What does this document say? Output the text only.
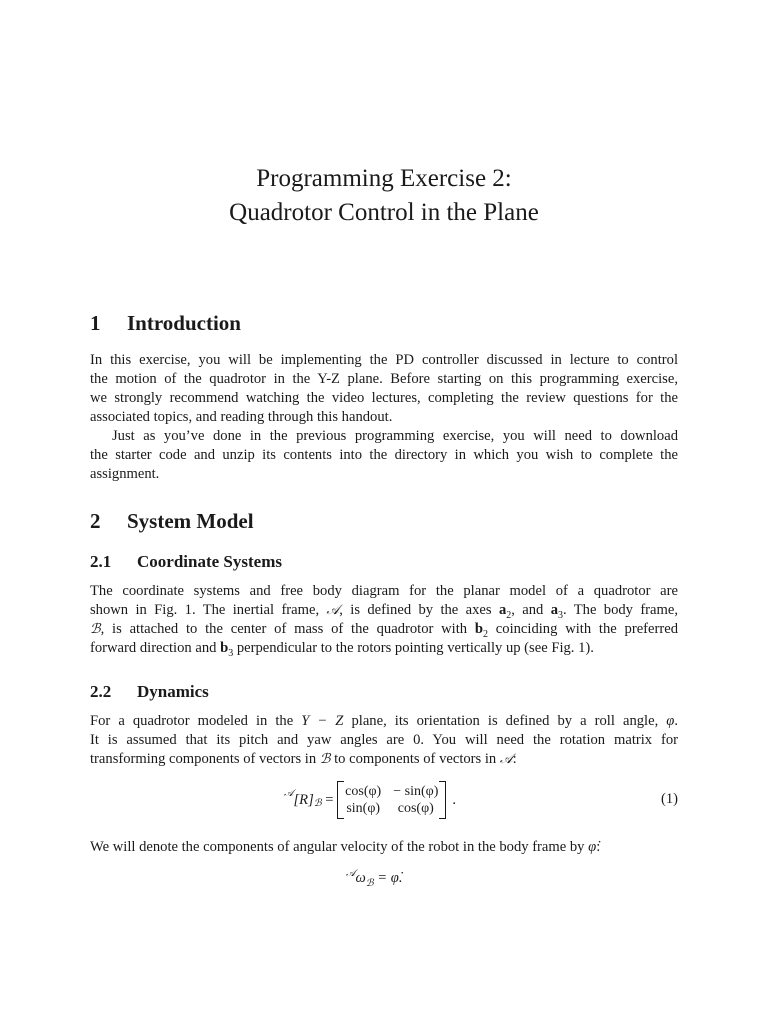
Programming Exercise 2:
Quadrotor Control in the Plane
1 Introduction
In this exercise, you will be implementing the PD controller discussed in lecture to control
the motion of the quadrotor in the Y-Z plane. Before starting on this programming exercise,
we strongly recommend watching the video lectures, completing the review questions for the
associated topics, and reading through this handout.
Just as you’ve done in the previous programming exercise, you will need to download
the starter code and unzip its contents into the directory in which you wish to complete the
assignment.
2 System Model
2.1 Coordinate Systems
The coordinate systems and free body diagram for the planar model of a quadrotor are
shown in Fig. 1. The inertial frame, 𝒜, is defined by the axes $a_2$, and $a_3$. The body frame,
ℬ, is attached to the center of mass of the quadrotor with $b_2$ coinciding with the preferred
forward direction and $b_3$ perpendicular to the rotors pointing vertically up (see Fig. 1).
2.2 Dynamics
For a quadrotor modeled in the Y − Z plane, its orientation is defined by a roll angle, φ.
It is assumed that its pitch and yaw angles are 0. You will need the rotation matrix for
transforming components of vectors in ℬ to components of vectors in 𝒜:
$^𝒜$ $[R]_ℬ = \cos(\varphi) - \sin(\varphi)$
sin(φ)	cos(φ)
.	(1)
We will denote the components of angular velocity of the robot in the body frame by φ̇:
$^𝒜\omega_ℬ$ = φ̇.
